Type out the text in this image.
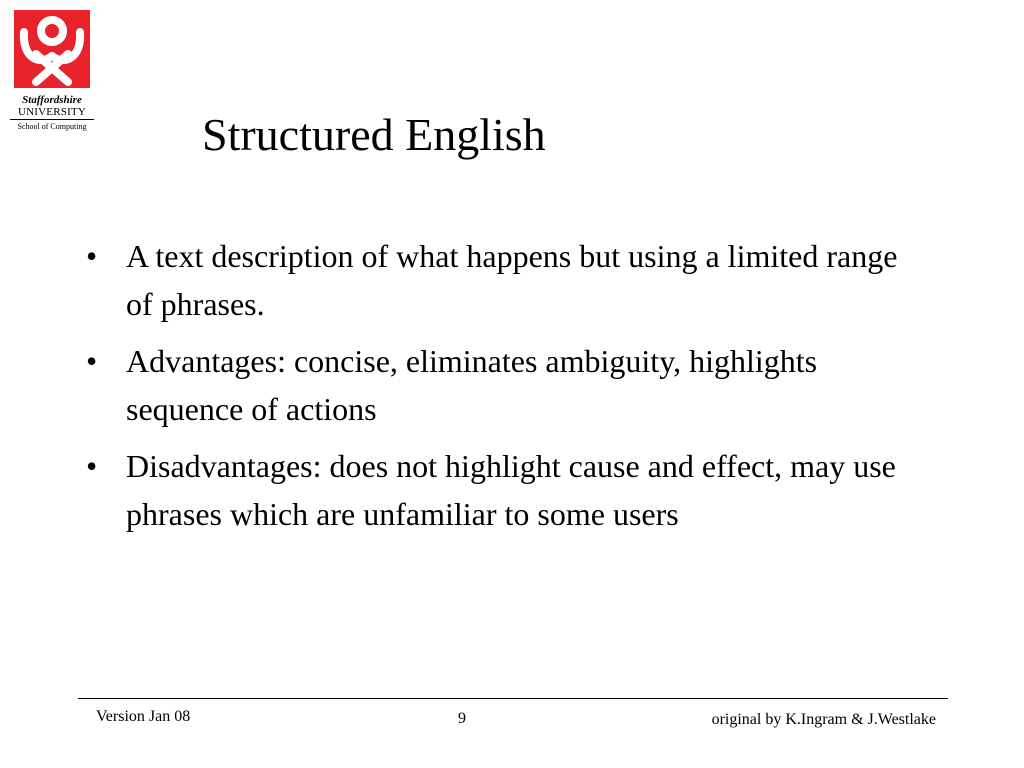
Staffordshire
UNIVERSITY
School of Computing	Structured English
• A text description of what happens but using a limited range of phrases.
• Advantages: concise, eliminates ambiguity, highlights sequence of actions
• Disadvantages: does not highlight cause and effect, may use phrases which are unfamiliar to some users
Version Jan 08	9	original by K.Ingram & J.Westlake
